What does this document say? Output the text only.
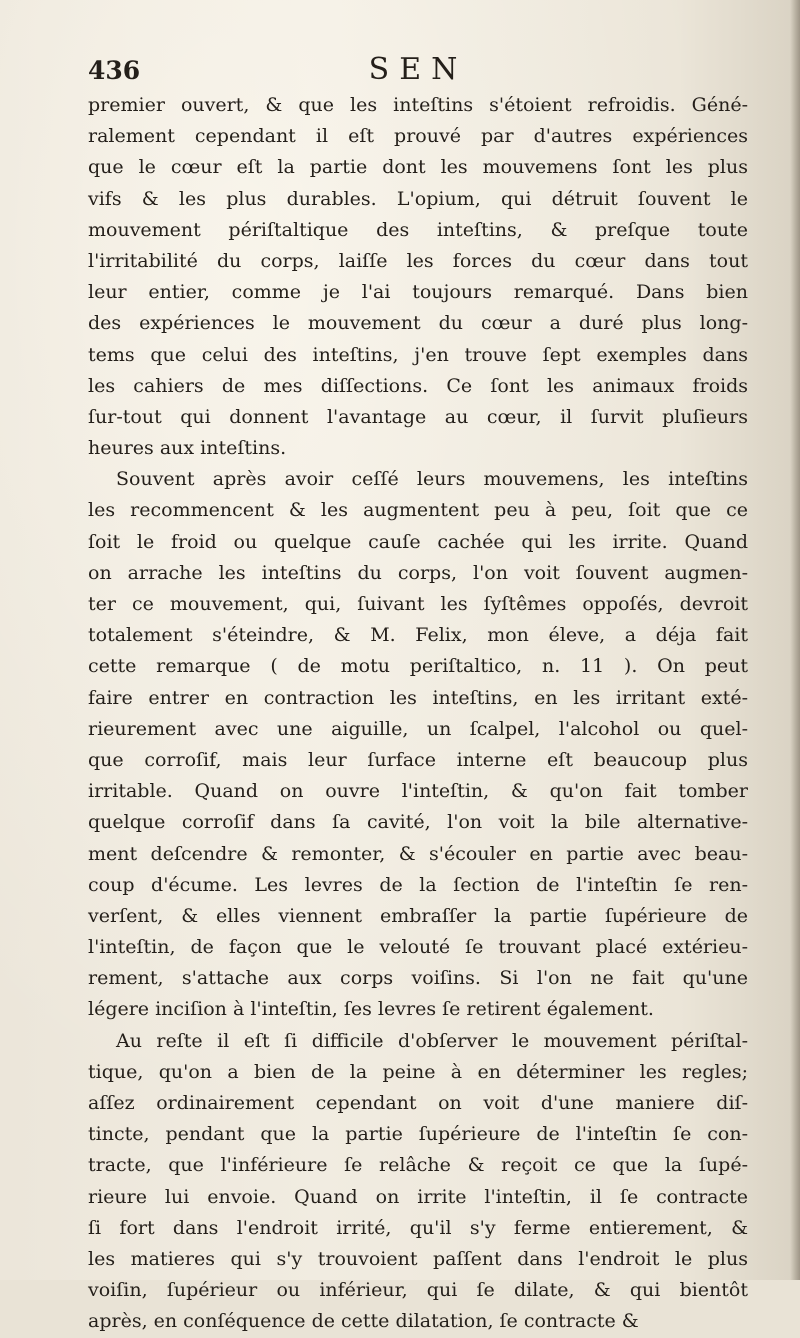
436	SEN
premier ouvert, & que les inteſtins s'étoient refroidis. Géné-
ralement cependant il eſt prouvé par d'autres expériences
que le cœur eſt la partie dont les mouvemens ſont les plus
vifs & les plus durables. L'opium, qui détruit ſouvent le
mouvement périſtaltique des inteſtins, & preſque toute
l'irritabilité du corps, laiſſe les forces du cœur dans tout
leur entier, comme je l'ai toujours remarqué. Dans bien
des expériences le mouvement du cœur a duré plus long-
tems que celui des inteſtins, j'en trouve ſept exemples dans
les cahiers de mes diſſections. Ce ſont les animaux froids
ſur-tout qui donnent l'avantage au cœur, il ſurvit pluſieurs
heures aux inteſtins.
Souvent après avoir ceſſé leurs mouvemens, les inteſtins
les recommencent & les augmentent peu à peu, ſoit que ce
ſoit le froid ou quelque cauſe cachée qui les irrite. Quand
on arrache les inteſtins du corps, l'on voit ſouvent augmen-
ter ce mouvement, qui, ſuivant les ſyſtêmes oppoſés, devroit
totalement s'éteindre, & M. Felix, mon éleve, a déja fait
cette remarque ( de motu periſtaltico, n. 11 ). On peut
faire entrer en contraction les inteſtins, en les irritant exté-
rieurement avec une aiguille, un ſcalpel, l'alcohol ou quel-
que corroſif, mais leur ſurface interne eſt beaucoup plus
irritable. Quand on ouvre l'inteſtin, & qu'on fait tomber
quelque corroſif dans ſa cavité, l'on voit la bile alternative-
ment deſcendre & remonter, & s'écouler en partie avec beau-
coup d'écume. Les levres de la ſection de l'inteſtin ſe ren-
verſent, & elles viennent embraſſer la partie ſupérieure de
l'inteſtin, de façon que le velouté ſe trouvant placé extérieu-
rement, s'attache aux corps voiſins. Si l'on ne fait qu'une
légere inciſion à l'inteſtin, ſes levres ſe retirent également.
Au reſte il eſt ſi difficile d'obſerver le mouvement périſtal-
tique, qu'on a bien de la peine à en déterminer les regles;
aſſez ordinairement cependant on voit d'une maniere diſ-
tincte, pendant que la partie ſupérieure de l'inteſtin ſe con-
tracte, que l'inférieure ſe relâche & reçoit ce que la ſupé-
rieure lui envoie. Quand on irrite l'inteſtin, il ſe contracte
ſi fort dans l'endroit irrité, qu'il s'y ferme entierement, &
les matieres qui s'y trouvoient paſſent dans l'endroit le plus
voiſin, ſupérieur ou inférieur, qui ſe dilate, & qui bientôt
après, en conſéquence de cette dilatation, ſe contracte &
